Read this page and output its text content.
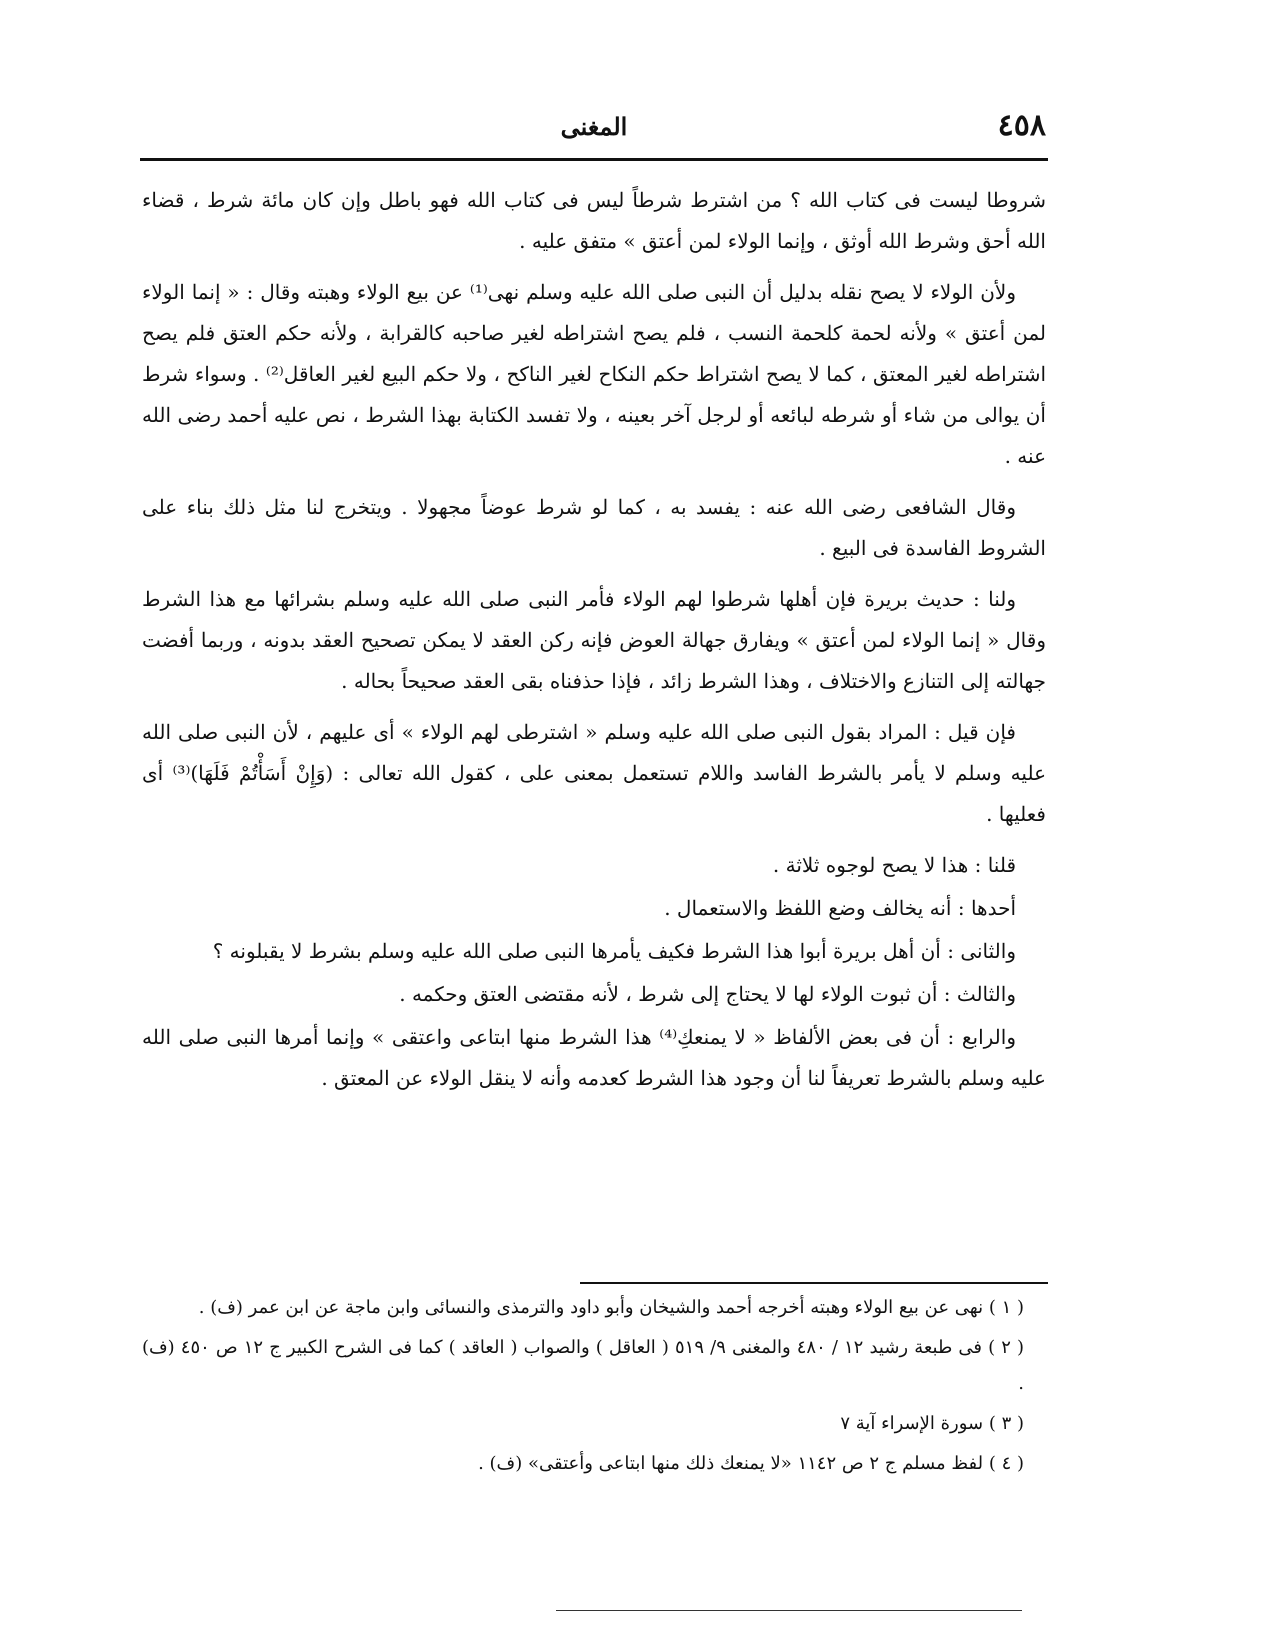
٤٥٨
المغنى

شروطا ليست فى كتاب الله ؟ من اشترط شرطاً ليس فى كتاب الله فهو باطل وإن كان مائة شرط ، قضاء الله أحق وشرط الله أوثق ، وإنما الولاء لمن أعتق » متفق عليه .

ولأن الولاء لا يصح نقله بدليل أن النبى صلى الله عليه وسلم نهى⁽¹⁾ عن بيع الولاء وهبته وقال : « إنما الولاء لمن أعتق » ولأنه لحمة كلحمة النسب ، فلم يصح اشتراطه لغير صاحبه كالقرابة ، ولأنه حكم العتق فلم يصح اشتراطه لغير المعتق ، كما لا يصح اشتراط حكم النكاح لغير الناكح ، ولا حكم البيع لغير العاقل⁽²⁾ . وسواء شرط أن يوالى من شاء أو شرطه لبائعه أو لرجل آخر بعينه ، ولا تفسد الكتابة بهذا الشرط ، نص عليه أحمد رضى الله عنه .

وقال الشافعى رضى الله عنه : يفسد به ، كما لو شرط عوضاً مجهولا . ويتخرج لنا مثل ذلك بناء على الشروط الفاسدة فى البيع .

ولنا : حديث بريرة فإن أهلها شرطوا لهم الولاء فأمر النبى صلى الله عليه وسلم بشرائها مع هذا الشرط وقال « إنما الولاء لمن أعتق » ويفارق جهالة العوض فإنه ركن العقد لا يمكن تصحيح العقد بدونه ، وربما أفضت جهالته إلى التنازع والاختلاف ، وهذا الشرط زائد ، فإذا حذفناه بقى العقد صحيحاً بحاله .

فإن قيل : المراد بقول النبى صلى الله عليه وسلم « اشترطى لهم الولاء » أى عليهم ، لأن النبى صلى الله عليه وسلم لا يأمر بالشرط الفاسد واللام تستعمل بمعنى على ، كقول الله تعالى : (وَإِنْ أَسَأْتُمْ فَلَهَا)⁽³⁾ أى فعليها .

قلنا : هذا لا يصح لوجوه ثلاثة .

أحدها : أنه يخالف وضع اللفظ والاستعمال .

والثانى : أن أهل بريرة أبوا هذا الشرط فكيف يأمرها النبى صلى الله عليه وسلم بشرط لا يقبلونه ؟

والثالث : أن ثبوت الولاء لها لا يحتاج إلى شرط ، لأنه مقتضى العتق وحكمه .

والرابع : أن فى بعض الألفاظ « لا يمنعكِ⁽⁴⁾ هذا الشرط منها ابتاعى واعتقى » وإنما أمرها النبى صلى الله عليه وسلم بالشرط تعريفاً لنا أن وجود هذا الشرط كعدمه وأنه لا ينقل الولاء عن المعتق .

( ١ ) نهى عن بيع الولاء وهبته أخرجه أحمد والشيخان وأبو داود والترمذى والنسائى وابن ماجة عن ابن عمر (ف) .

( ٢ ) فى طبعة رشيد ١٢ / ٤٨٠ والمغنى ٩/ ٥١٩ ( العاقل ) والصواب ( العاقد ) كما فى الشرح الكبير ج ١٢ ص ٤٥٠ (ف) .

( ٣ ) سورة الإسراء آية ٧

( ٤ ) لفظ مسلم ج ٢ ص ١١٤٢ «لا يمنعك ذلك منها ابتاعى وأعتقى» (ف) .
